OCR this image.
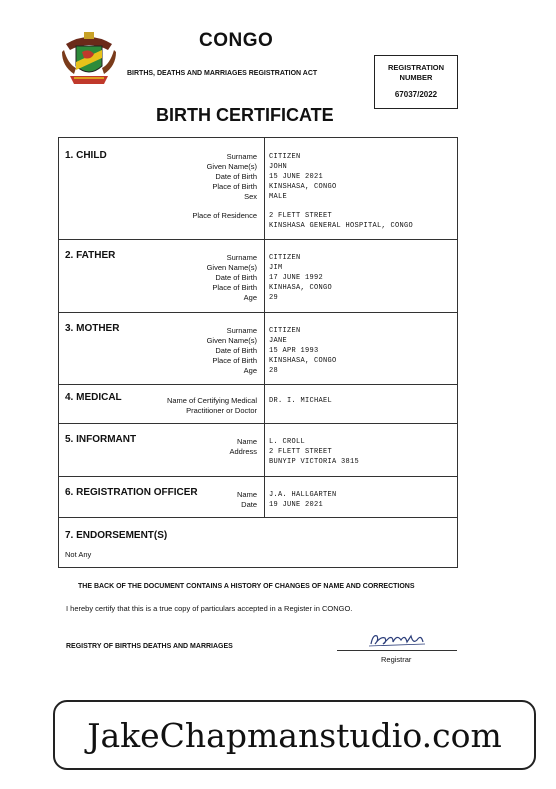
CONGO
BIRTHS, DEATHS AND MARRIAGES REGISTRATION ACT
REGISTRATION
NUMBER
67037/2022
BIRTH CERTIFICATE
1. CHILD	Surname CITIZEN
Given Name(s) JOHN
Date of Birth 15 JUNE 2021
Place of Birth KINSHASA, CONGO
Sex MALE
Place of Residence 2 FLETT STREET
KINSHASA GENERAL HOSPITAL, CONGO
2. FATHER	Surname CITIZEN
Given Name(s) JIM
Date of Birth 17 JUNE 1992
Place of Birth KINHASA, CONGO
Age 29
3. MOTHER	Surname CITIZEN
Given Name(s) JANE
Date of Birth 15 APR 1993
Place of Birth KINSHASA, CONGO
Age 28
4. MEDICAL	Name of Certifying Medical
Practitioner or Doctor
DR. I. MICHAEL
5. INFORMANT	Name L. CROLL
Address 2 FLETT STREET
BUNYIP VICTORIA 3815
6. REGISTRATION OFFICER	Name J.A. HALLGARTEN
Date 19 JUNE 2021
7. ENDORSEMENT(S)
Not Any
THE BACK OF THE DOCUMENT CONTAINS A HISTORY OF CHANGES OF NAME AND CORRECTIONS
I hereby certify that this is a true copy of particulars accepted in a Register in CONGO.
REGISTRY OF BIRTHS DEATHS AND MARRIAGES
Registrar
JakeChapmanstudio.com
